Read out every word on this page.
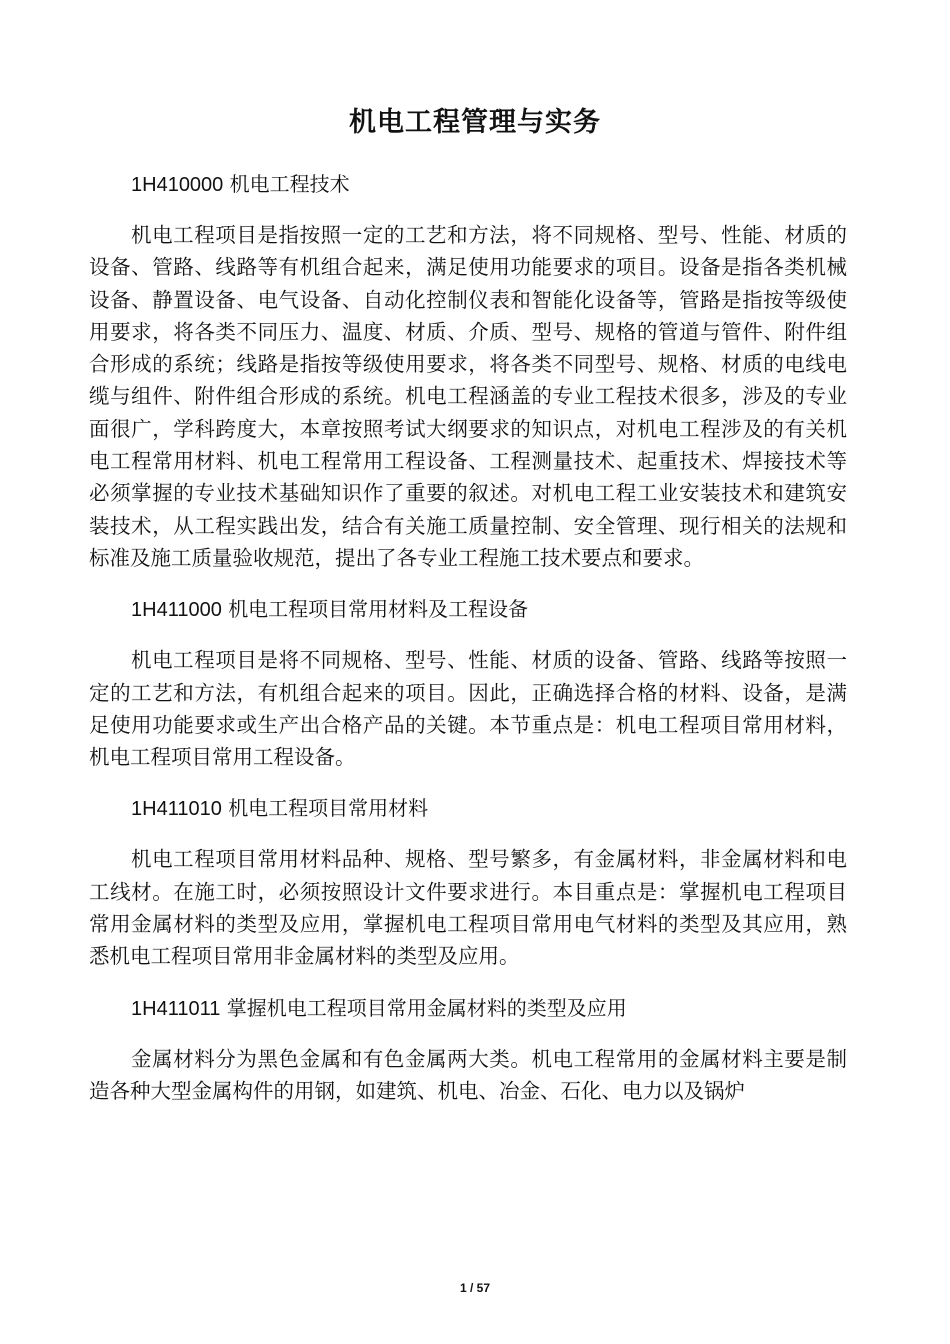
机电工程管理与实务
1H410000 机电工程技术

机电工程项目是指按照一定的工艺和方法，将不同规格、型号、性能、材质的设备、管路、线路等有机组合起来，满足使用功能要求的项目。设备是指各类机械设备、静置设备、电气设备、自动化控制仪表和智能化设备等，管路是指按等级使用要求，将各类不同压力、温度、材质、介质、型号、规格的管道与管件、附件组合形成的系统；线路是指按等级使用要求，将各类不同型号、规格、材质的电线电缆与组件、附件组合形成的系统。机电工程涵盖的专业工程技术很多，涉及的专业面很广，学科跨度大，本章按照考试大纲要求的知识点，对机电工程涉及的有关机电工程常用材料、机电工程常用工程设备、工程测量技术、起重技术、焊接技术等必须掌握的专业技术基础知识作了重要的叙述。对机电工程工业安装技术和建筑安装技术，从工程实践出发，结合有关施工质量控制、安全管理、现行相关的法规和标准及施工质量验收规范，提出了各专业工程施工技术要点和要求。

1H411000 机电工程项目常用材料及工程设备

机电工程项目是将不同规格、型号、性能、材质的设备、管路、线路等按照一定的工艺和方法，有机组合起来的项目。因此，正确选择合格的材料、设备，是满足使用功能要求或生产出合格产品的关键。本节重点是：机电工程项目常用材料，机电工程项目常用工程设备。

1H411010 机电工程项目常用材料

机电工程项目常用材料品种、规格、型号繁多，有金属材料，非金属材料和电工线材。在施工时，必须按照设计文件要求进行。本目重点是：掌握机电工程项目常用金属材料的类型及应用，掌握机电工程项目常用电气材料的类型及其应用，熟悉机电工程项目常用非金属材料的类型及应用。

1H411011 掌握机电工程项目常用金属材料的类型及应用

金属材料分为黑色金属和有色金属两大类。机电工程常用的金属材料主要是制造各种大型金属构件的用钢，如建筑、机电、冶金、石化、电力以及锅炉

1 / 57
